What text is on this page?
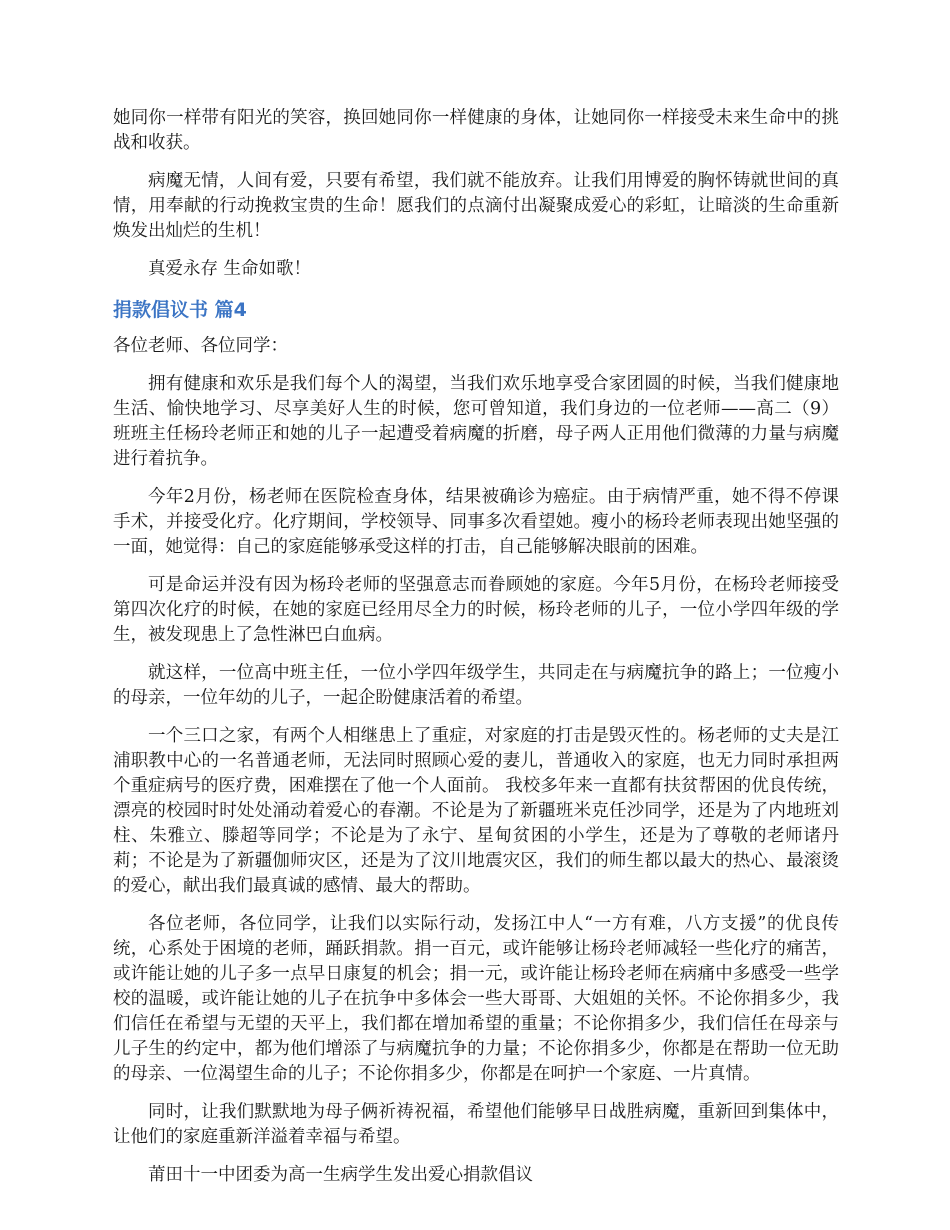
她同你一样带有阳光的笑容，换回她同你一样健康的身体，让她同你一样接受未来生命中的挑战和收获。

病魔无情，人间有爱，只要有希望，我们就不能放弃。让我们用博爱的胸怀铸就世间的真情，用奉献的行动挽救宝贵的生命！愿我们的点滴付出凝聚成爱心的彩虹，让暗淡的生命重新焕发出灿烂的生机！

真爱永存 生命如歌！

捐款倡议书 篇4

各位老师、各位同学：

拥有健康和欢乐是我们每个人的渴望，当我们欢乐地享受合家团圆的时候，当我们健康地生活、愉快地学习、尽享美好人生的时候，您可曾知道，我们身边的一位老师——高二（9）班班主任杨玲老师正和她的儿子一起遭受着病魔的折磨，母子两人正用他们微薄的力量与病魔进行着抗争。

今年2月份，杨老师在医院检查身体，结果被确诊为癌症。由于病情严重，她不得不停课手术，并接受化疗。化疗期间，学校领导、同事多次看望她。瘦小的杨玲老师表现出她坚强的一面，她觉得：自己的家庭能够承受这样的打击，自己能够解决眼前的困难。

可是命运并没有因为杨玲老师的坚强意志而眷顾她的家庭。今年5月份，在杨玲老师接受第四次化疗的时候，在她的家庭已经用尽全力的时候，杨玲老师的儿子，一位小学四年级的学生，被发现患上了急性淋巴白血病。

就这样，一位高中班主任，一位小学四年级学生，共同走在与病魔抗争的路上；一位瘦小的母亲，一位年幼的儿子，一起企盼健康活着的希望。

一个三口之家，有两个人相继患上了重症，对家庭的打击是毁灭性的。杨老师的丈夫是江浦职教中心的一名普通老师，无法同时照顾心爱的妻儿，普通收入的家庭，也无力同时承担两个重症病号的医疗费，困难摆在了他一个人面前。 我校多年来一直都有扶贫帮困的优良传统，漂亮的校园时时处处涌动着爱心的春潮。不论是为了新疆班米克任沙同学，还是为了内地班刘柱、朱雅立、滕超等同学；不论是为了永宁、星甸贫困的小学生，还是为了尊敬的老师诸丹莉；不论是为了新疆伽师灾区，还是为了汶川地震灾区，我们的师生都以最大的热心、最滚烫的爱心，献出我们最真诚的感情、最大的帮助。

各位老师，各位同学，让我们以实际行动，发扬江中人“一方有难，八方支援”的优良传统，心系处于困境的老师，踊跃捐款。捐一百元，或许能够让杨玲老师减轻一些化疗的痛苦，或许能让她的儿子多一点早日康复的机会；捐一元，或许能让杨玲老师在病痛中多感受一些学校的温暖，或许能让她的儿子在抗争中多体会一些大哥哥、大姐姐的关怀。不论你捐多少，我们信任在希望与无望的天平上，我们都在增加希望的重量；不论你捐多少，我们信任在母亲与儿子生的约定中，都为他们增添了与病魔抗争的力量；不论你捐多少，你都是在帮助一位无助的母亲、一位渴望生命的儿子；不论你捐多少，你都是在呵护一个家庭、一片真情。

同时，让我们默默地为母子俩祈祷祝福，希望他们能够早日战胜病魔，重新回到集体中，让他们的家庭重新洋溢着幸福与希望。

莆田十一中团委为高一生病学生发出爱心捐款倡议
